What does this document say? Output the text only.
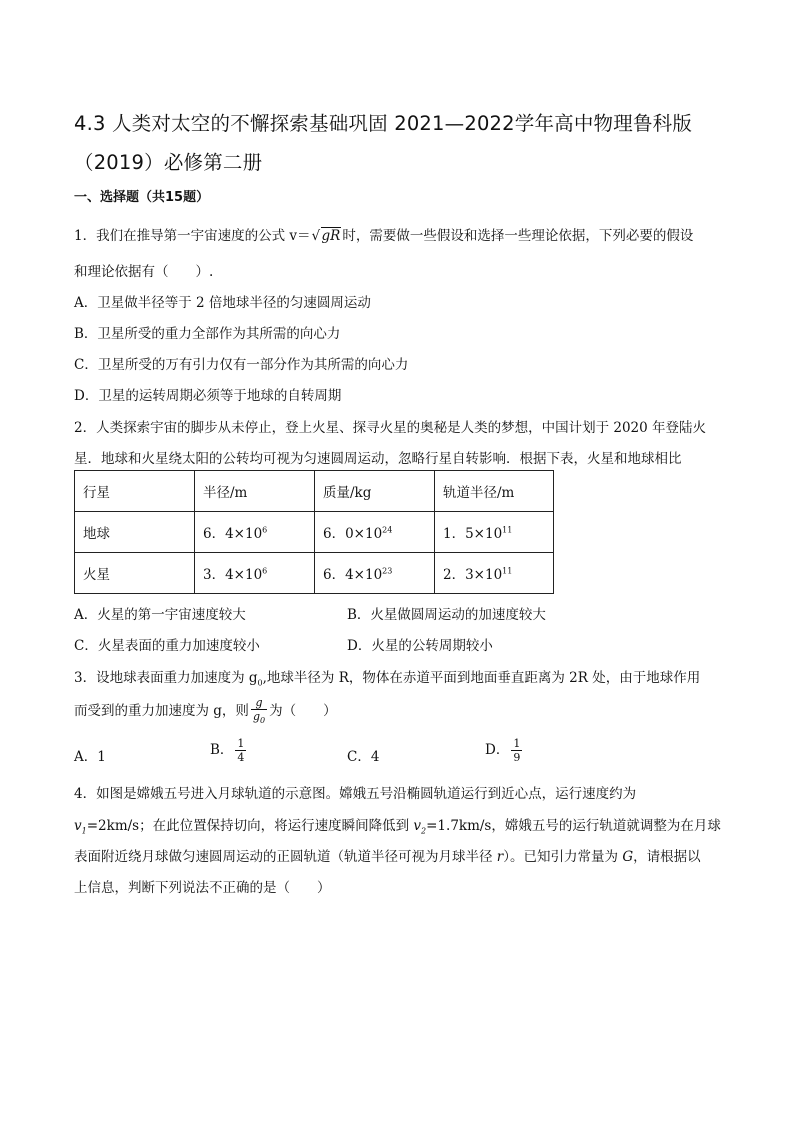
4.3 人类对太空的不懈探索基础巩固 2021—2022学年高中物理鲁科版（2019）必修第二册
一、选择题（共15题）
1．我们在推导第一宇宙速度的公式 v＝ √ gR 时，需要做一些假设和选择一些理论依据，下列必要的假设
和理论依据有（　　）.
A．卫星做半径等于 2 倍地球半径的匀速圆周运动
B．卫星所受的重力全部作为其所需的向心力
C．卫星所受的万有引力仅有一部分作为其所需的向心力
D．卫星的运转周期必须等于地球的自转周期
2．人类探索宇宙的脚步从未停止，登上火星、探寻火星的奥秘是人类的梦想，中国计划于 2020 年登陆火
星．地球和火星绕太阳的公转均可视为匀速圆周运动，忽略行星自转影响．根据下表，火星和地球相比
行星	半径/m	质量/kg	轨道半径/m
地球	6．$4\times 10^6$	6．$0\times 10^{24}$	1．$5\times 10^{11}$
火星	3．$4\times 10^6$	6．$4\times 10^{23}$	2．$3\times 10^{11}$
A．火星的第一宇宙速度较大	B．火星做圆周运动的加速度较大
C．火星表面的重力加速度较小	D．火星的公转周期较小
3．设地球表面重力加速度为 $g_0$,地球半径为 R，物体在赤道平面到地面垂直距离为 2R 处，由于地球作用
而受到的重力加速度为 g，则 $\frac{g}{g_0}$ 为（　　）
A．1	B． $\frac{1}{4}$	C．4	D． $\frac{1}{9}$
4．如图是嫦娥五号进入月球轨道的示意图。嫦娥五号沿椭圆轨道运行到近心点，运行速度约为
$v_1=2km/s$；在此位置保持切向，将运行速度瞬间降低到 $v_2=1.7km/s$，嫦娥五号的运行轨道就调整为在月球
表面附近绕月球做匀速圆周运动的正圆轨道（轨道半径可视为月球半径 r）。已知引力常量为 G，请根据以
上信息，判断下列说法不正确的是（　　）
